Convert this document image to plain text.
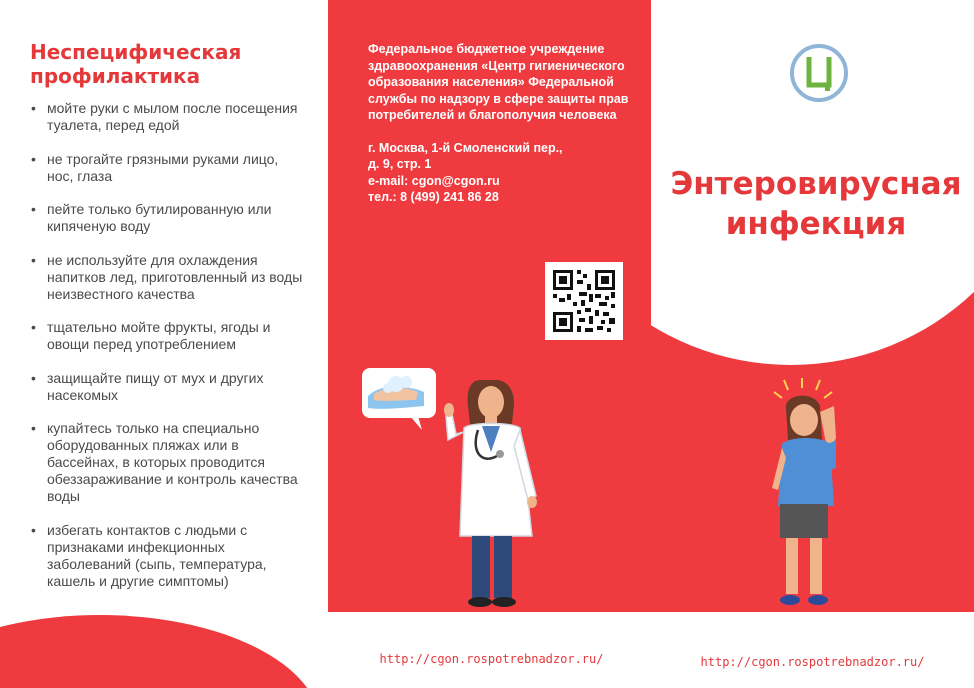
Неспецифическая профилактика
• мойте руки с мылом после посещения туалета, перед едой
• не трогайте грязными руками лицо, нос, глаза
• пейте только бутилированную или кипяченую воду
• не используйте для охлаждения напитков лед, приготовленный из воды неизвестного качества
• тщательно мойте фрукты, ягоды и овощи перед употреблением
• защищайте пищу от мух и других насекомых
• купайтесь только на специально оборудованных пляжах или в бассейнах, в которых проводится обеззараживание и контроль качества воды
• избегать контактов с людьми с признаками инфекционных заболеваний (сыпь, температура, кашель и другие симптомы)

Федеральное бюджетное учреждение здравоохранения «Центр гигиенического образования населения» Федеральной службы по надзору в сфере защиты прав потребителей и благополучия человека

г. Москва, 1-й Смоленский пер.,

д. 9, стр. 1

e-mail: cgon@cgon.ru

тел.: 8 (499) 241 86 28	Энтеровирусная инфекция
http://cgon.rospotrebnadzor.ru/	http://cgon.rospotrebnadzor.ru/
